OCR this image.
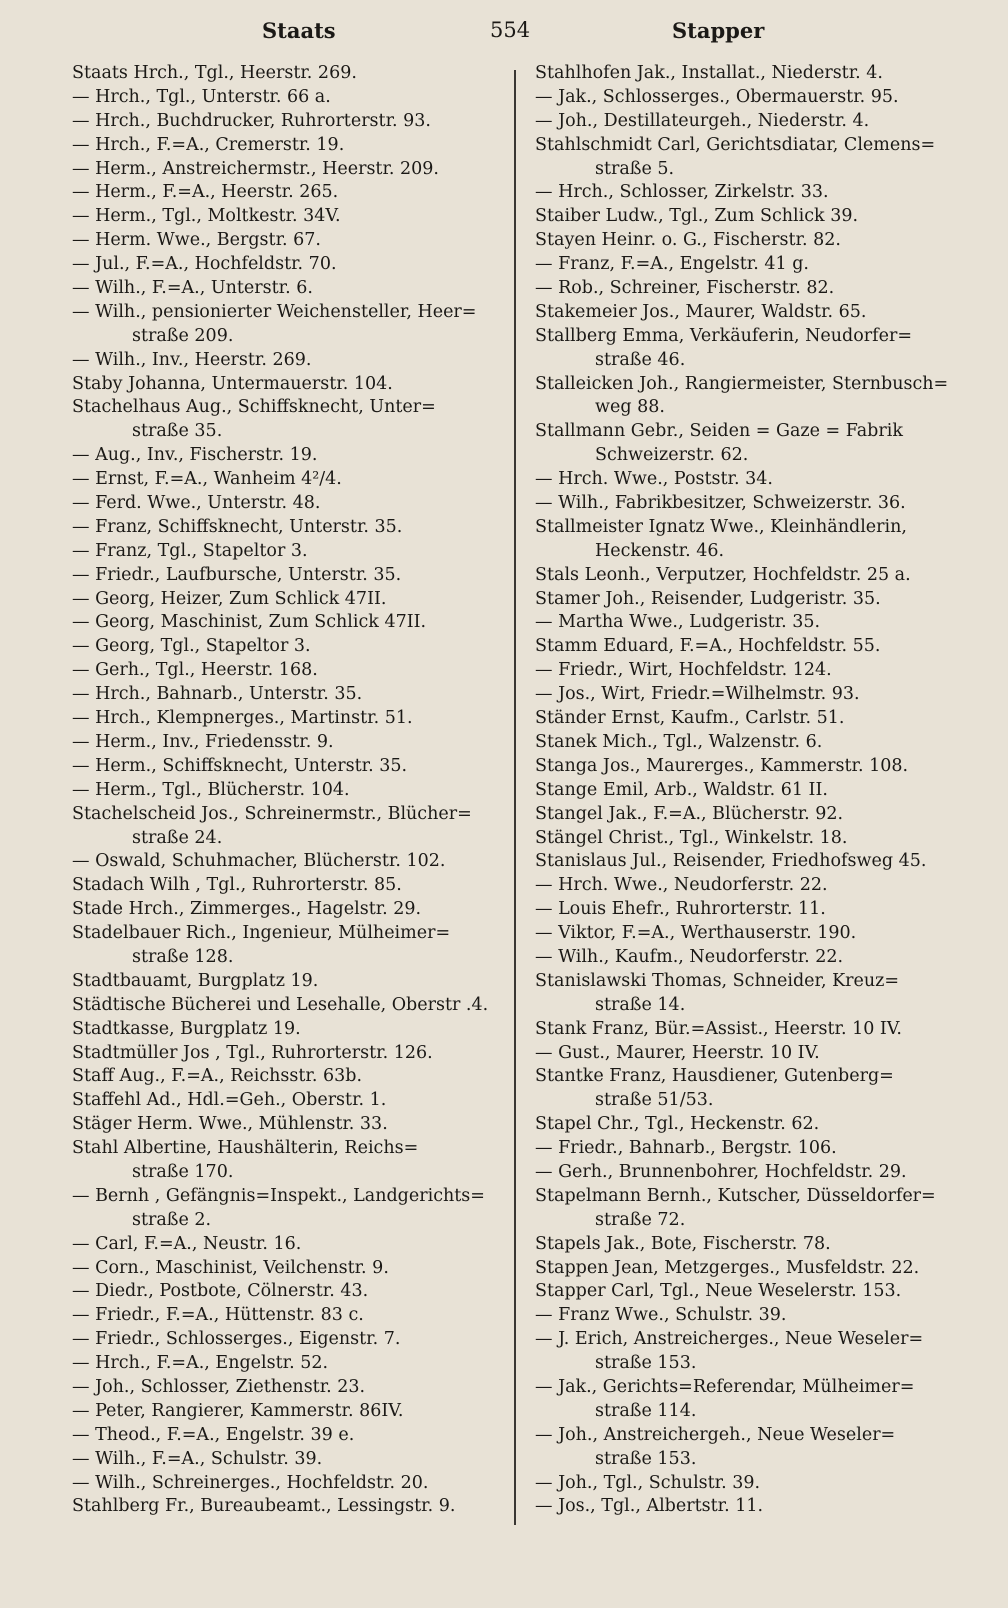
Staats	554	Stapper
Staats Hrch., Tgl., Heerstr. 269.
— Hrch., Tgl., Unterstr. 66 a.
— Hrch., Buchdrucker, Ruhrorterstr. 93.
— Hrch., F.=A., Cremerstr. 19.
— Herm., Anstreichermstr., Heerstr. 209.
— Herm., F.=A., Heerstr. 265.
— Herm., Tgl., Moltkestr. 34V.
— Herm. Wwe., Bergstr. 67.
— Jul., F.=A., Hochfeldstr. 70.
— Wilh., F.=A., Unterstr. 6.
— Wilh., pensionierter Weichensteller, Heer=
straße 209.
— Wilh., Inv., Heerstr. 269.
Staby Johanna, Untermauerstr. 104.
Stachelhaus Aug., Schiffsknecht, Unter=
straße 35.
— Aug., Inv., Fischerstr. 19.
— Ernst, F.=A., Wanheim 4²/4.
— Ferd. Wwe., Unterstr. 48.
— Franz, Schiffsknecht, Unterstr. 35.
— Franz, Tgl., Stapeltor 3.
— Friedr., Laufbursche, Unterstr. 35.
— Georg, Heizer, Zum Schlick 47II.
— Georg, Maschinist, Zum Schlick 47II.
— Georg, Tgl., Stapeltor 3.
— Gerh., Tgl., Heerstr. 168.
— Hrch., Bahnarb., Unterstr. 35.
— Hrch., Klempnerges., Martinstr. 51.
— Herm., Inv., Friedensstr. 9.
— Herm., Schiffsknecht, Unterstr. 35.
— Herm., Tgl., Blücherstr. 104.
Stachelscheid Jos., Schreinermstr., Blücher=
straße 24.
— Oswald, Schuhmacher, Blücherstr. 102.
Stadach Wilh , Tgl., Ruhrorterstr. 85.
Stade Hrch., Zimmerges., Hagelstr. 29.
Stadelbauer Rich., Ingenieur, Mülheimer=
straße 128.
Stadtbauamt, Burgplatz 19.
Städtische Bücherei und Lesehalle, Oberstr .4.
Stadtkasse, Burgplatz 19.
Stadtmüller Jos , Tgl., Ruhrorterstr. 126.
Staff Aug., F.=A., Reichsstr. 63b.
Staffehl Ad., Hdl.=Geh., Oberstr. 1.
Stäger Herm. Wwe., Mühlenstr. 33.
Stahl Albertine, Haushälterin, Reichs=
straße 170.
— Bernh , Gefängnis=Inspekt., Landgerichts=
straße 2.
— Carl, F.=A., Neustr. 16.
— Corn., Maschinist, Veilchenstr. 9.
— Diedr., Postbote, Cölnerstr. 43.
— Friedr., F.=A., Hüttenstr. 83 c.
— Friedr., Schlosserges., Eigenstr. 7.
— Hrch., F.=A., Engelstr. 52.
— Joh., Schlosser, Ziethenstr. 23.
— Peter, Rangierer, Kammerstr. 86IV.
— Theod., F.=A., Engelstr. 39 e.
— Wilh., F.=A., Schulstr. 39.
— Wilh., Schreinerges., Hochfeldstr. 20.
Stahlberg Fr., Bureaubeamt., Lessingstr. 9.
Stahlhofen Jak., Installat., Niederstr. 4.
— Jak., Schlosserges., Obermauerstr. 95.
— Joh., Destillateurgeh., Niederstr. 4.
Stahlschmidt Carl, Gerichtsdiatar, Clemens=
straße 5.
— Hrch., Schlosser, Zirkelstr. 33.
Staiber Ludw., Tgl., Zum Schlick 39.
Stayen Heinr. o. G., Fischerstr. 82.
— Franz, F.=A., Engelstr. 41 g.
— Rob., Schreiner, Fischerstr. 82.
Stakemeier Jos., Maurer, Waldstr. 65.
Stallberg Emma, Verkäuferin, Neudorfer=
straße 46.
Stalleicken Joh., Rangiermeister, Sternbusch=
weg 88.
Stallmann Gebr., Seiden = Gaze = Fabrik
Schweizerstr. 62.
— Hrch. Wwe., Poststr. 34.
— Wilh., Fabrikbesitzer, Schweizerstr. 36.
Stallmeister Ignatz Wwe., Kleinhändlerin,
Heckenstr. 46.
Stals Leonh., Verputzer, Hochfeldstr. 25 a.
Stamer Joh., Reisender, Ludgeristr. 35.
— Martha Wwe., Ludgeristr. 35.
Stamm Eduard, F.=A., Hochfeldstr. 55.
— Friedr., Wirt, Hochfeldstr. 124.
— Jos., Wirt, Friedr.=Wilhelmstr. 93.
Ständer Ernst, Kaufm., Carlstr. 51.
Stanek Mich., Tgl., Walzenstr. 6.
Stanga Jos., Maurerges., Kammerstr. 108.
Stange Emil, Arb., Waldstr. 61 II.
Stangel Jak., F.=A., Blücherstr. 92.
Stängel Christ., Tgl., Winkelstr. 18.
Stanislaus Jul., Reisender, Friedhofsweg 45.
— Hrch. Wwe., Neudorferstr. 22.
— Louis Ehefr., Ruhrorterstr. 11.
— Viktor, F.=A., Werthauserstr. 190.
— Wilh., Kaufm., Neudorferstr. 22.
Stanislawski Thomas, Schneider, Kreuz=
straße 14.
Stank Franz, Bür.=Assist., Heerstr. 10 IV.
— Gust., Maurer, Heerstr. 10 IV.
Stantke Franz, Hausdiener, Gutenberg=
straße 51/53.
Stapel Chr., Tgl., Heckenstr. 62.
— Friedr., Bahnarb., Bergstr. 106.
— Gerh., Brunnenbohrer, Hochfeldstr. 29.
Stapelmann Bernh., Kutscher, Düsseldorfer=
straße 72.
Stapels Jak., Bote, Fischerstr. 78.
Stappen Jean, Metzgerges., Musfeldstr. 22.
Stapper Carl, Tgl., Neue Weselerstr. 153.
— Franz Wwe., Schulstr. 39.
— J. Erich, Anstreicherges., Neue Weseler=
straße 153.
— Jak., Gerichts=Referendar, Mülheimer=
straße 114.
— Joh., Anstreichergeh., Neue Weseler=
straße 153.
— Joh., Tgl., Schulstr. 39.
— Jos., Tgl., Albertstr. 11.
